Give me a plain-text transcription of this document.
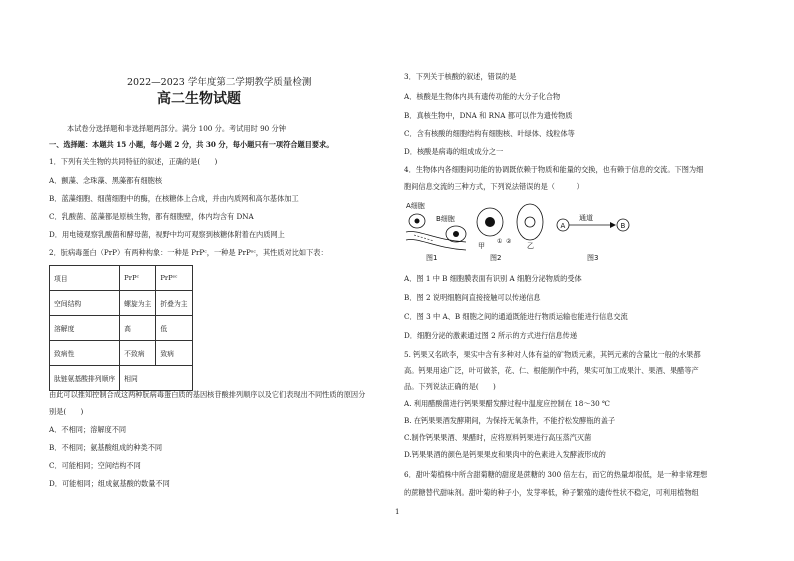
2022—2023 学年度第二学期教学质量检测
高二生物试题
本试卷分选择题和非选择题两部分。满分 100 分。考试用时 90 分钟
一、选择题：本题共 15 小题，每小题 2 分，共 30 分，每小题只有一项符合题目要求。
1．下列有关生物的共同特征的叙述，正确的是(　　)
A．颤藻、念珠藻、黑藻都有细胞核
B．蓝藻细胞、细菌细胞中的酶，在核糖体上合成，并由内质网和高尔基体加工
C．乳酸菌、蓝藻都是原核生物，都有细胞壁，体内均含有 DNA
D．用电镜观察乳酸菌和酵母菌，视野中均可观察到核糖体附着在内质网上
2．朊病毒蛋白（PrP）有两种构象：一种是 PrPᶜ，一种是 PrPˢᶜ，其性质对比如下表：
项目	PrPᶜ	PrPˢᶜ
空间结构	螺旋为主	折叠为主
溶解度	高	低
致病性	不致病	致病
肽链氨基酸排列顺序	相同	
由此可以推知控制合成这两种朊病毒蛋白质的基因核苷酸排列顺序以及它们表现出不同性质的原因分
别是(　　)
A．不相同；溶解度不同
B．不相同；氨基酸组成的种类不同
C．可能相同；空间结构不同
D．可能相同；组成氨基酸的数量不同
3．下列关于核酸的叙述，错误的是
A．核酸是生物体内具有遗传功能的大分子化合物
B．真核生物中，DNA 和 RNA 都可以作为遗传物质
C．含有核酸的细胞结构有细胞核、叶绿体、线粒体等
D．核酸是病毒的组成成分之一
4．生物体内各细胞间功能的协调既依赖于物质和能量的交换，也有赖于信息的交流。下图为细
胞间信息交流的三种方式，下列说法错误的是（　　　）
A细胞
B细胞
图1
甲
① ②
乙
图2
A
通道
B
图3
A．图 1 中 B 细胞膜表面有识别 A 细胞分泌物质的受体
B．图 2 说明细胞间直接接触可以传递信息
C．图 3 中 A、B 细胞之间的通道既能进行物质运输也能进行信息交流
D．细胞分泌的激素通过图 2 所示的方式进行信息传递
5. 钙果又名欧李，果实中含有多种对人体有益的矿物质元素，其钙元素的含量比一般的水果都
高。钙果用途广泛，叶可做茶，花、仁、根能制作中药，果实可加工成果汁、果酒、果醋等产
品。下列说法正确的是(　　)
A. 利用醋酸菌进行钙果果醋发酵过程中温度应控制在 18～30 ℃
B. 在钙果果酒发酵期间，为保持无氧条件，不能拧松发酵瓶的盖子
C.制作钙果果酒、果醋时，应将原料钙果进行高压蒸汽灭菌
D.钙果果酒的颜色是钙果果皮和果肉中的色素进入发酵液形成的
6．甜叶菊植株中所含甜菊糖的甜度是蔗糖的 300 倍左右，而它的热量却很低，是一种非常理想
的蔗糖替代甜味剂。甜叶菊的种子小，发芽率低，种子繁殖的遗传性状不稳定，可利用植物组
1
